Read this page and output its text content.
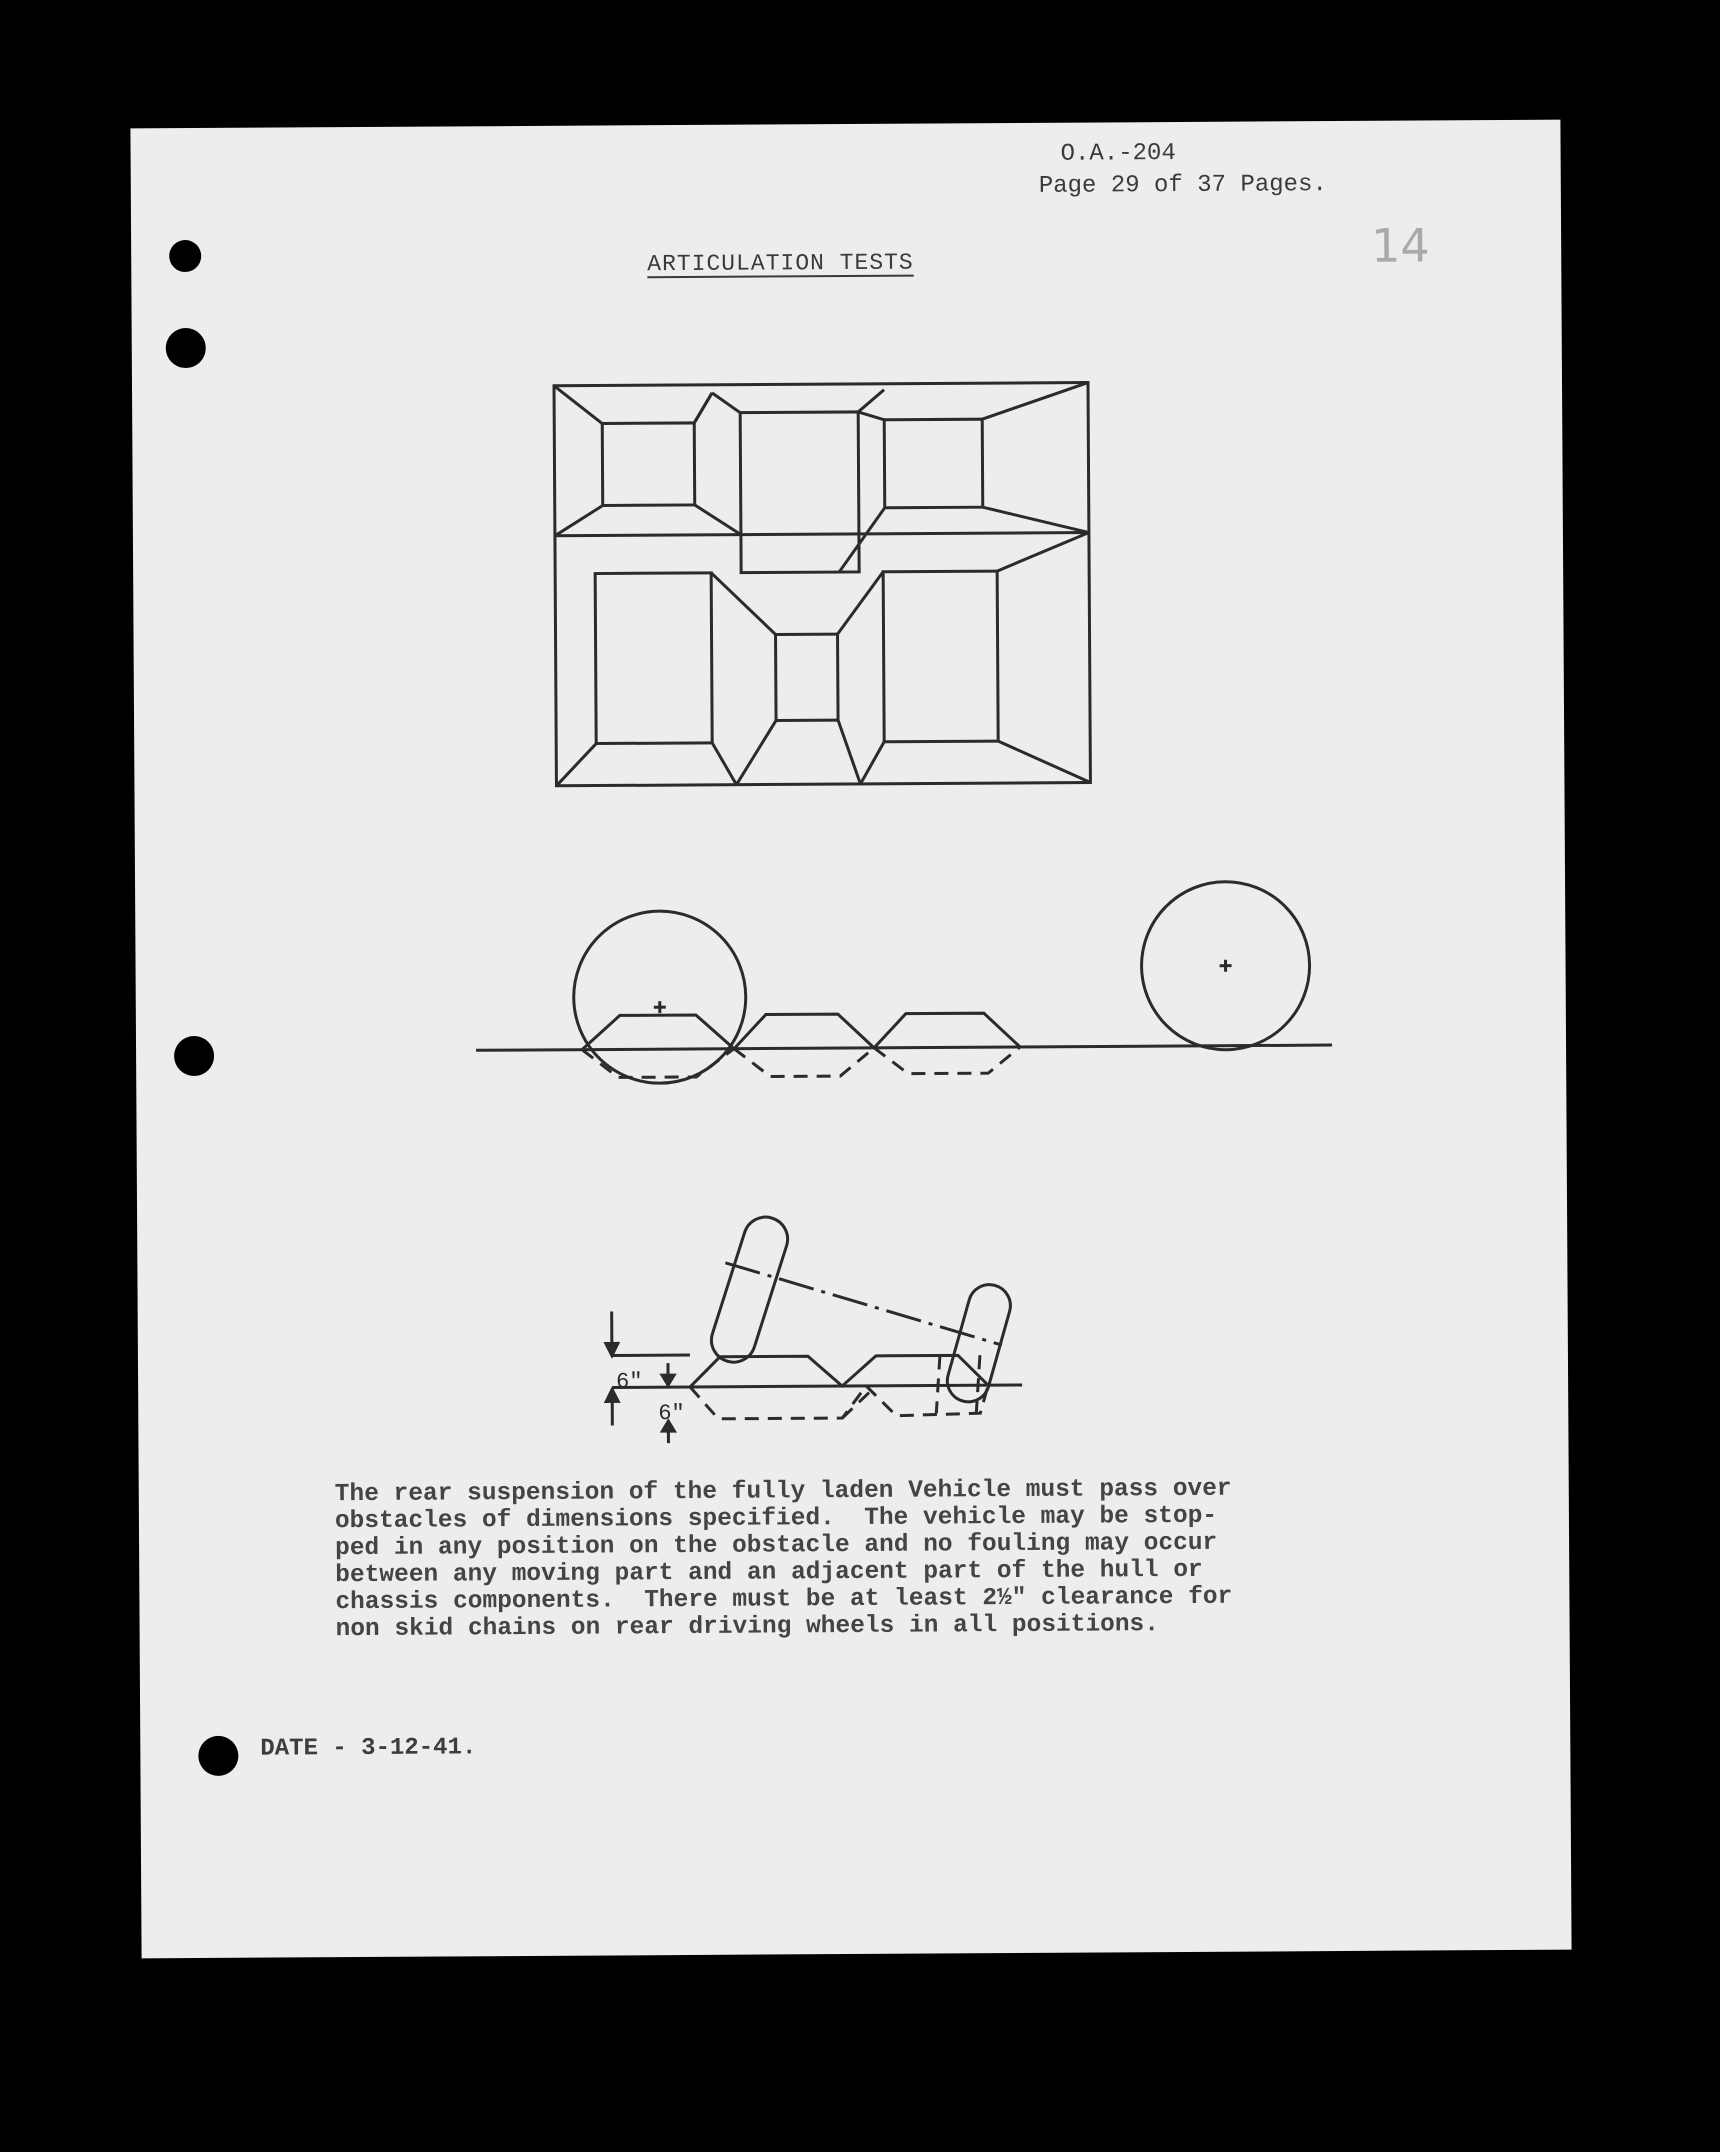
O.A.-204
Page 29 of 37 Pages.
14
ARTICULATION TESTS
6"
6"

The rear suspension of the fully laden Vehicle must pass over

obstacles of dimensions specified.  The vehicle may be stop-

ped in any position on the obstacle and no fouling may occur

between any moving part and an adjacent part of the hull or

chassis components.  There must be at least 2½" clearance for

non skid chains on rear driving wheels in all positions.

DATE - 3-12-41.
